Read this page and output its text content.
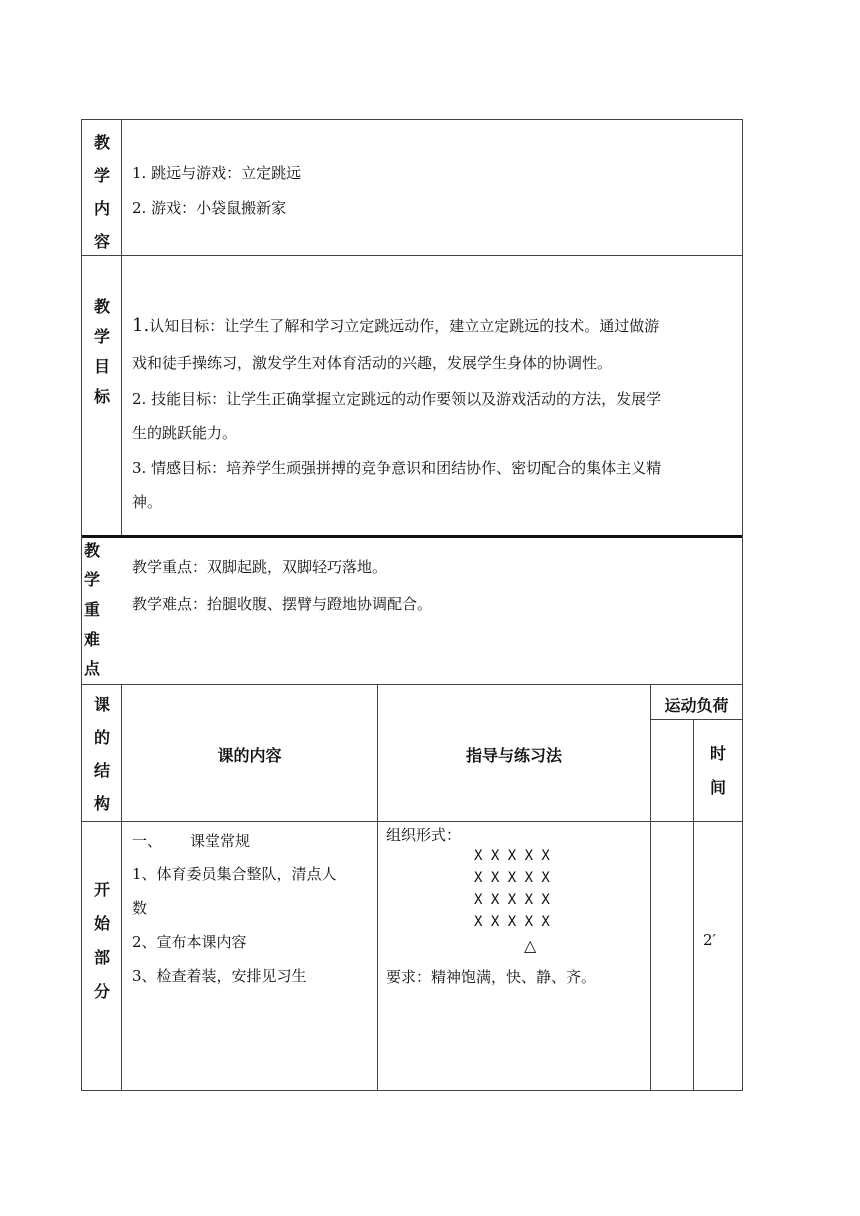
教
学
内
容
1. 跳远与游戏：立定跳远
2. 游戏：小袋鼠搬新家
教
学
目
标
1.认知目标：让学生了解和学习立定跳远动作，建立立定跳远的技术。通过做游
戏和徒手操练习，激发学生对体育活动的兴趣，发展学生身体的协调性。
2. 技能目标：让学生正确掌握立定跳远的动作要领以及游戏活动的方法，发展学
生的跳跃能力。
3. 情感目标：培养学生顽强拼搏的竞争意识和团结协作、密切配合的集体主义精
神。
教
学
重
难
点
教学重点：双脚起跳，双脚轻巧落地。
教学难点：抬腿收腹、摆臂与蹬地协调配合。
课
的
结
构
课的内容	指导与练习法
运动负荷
时
间
开
始
部
分
一、 课堂常规
1、体育委员集合整队，清点人
数
2、宣布本课内容
3、检查着装，安排见习生
组织形式：
X X X X X
X X X X X
X X X X X
X X X X X
△
要求：精神饱满，快、静、齐。
2′
